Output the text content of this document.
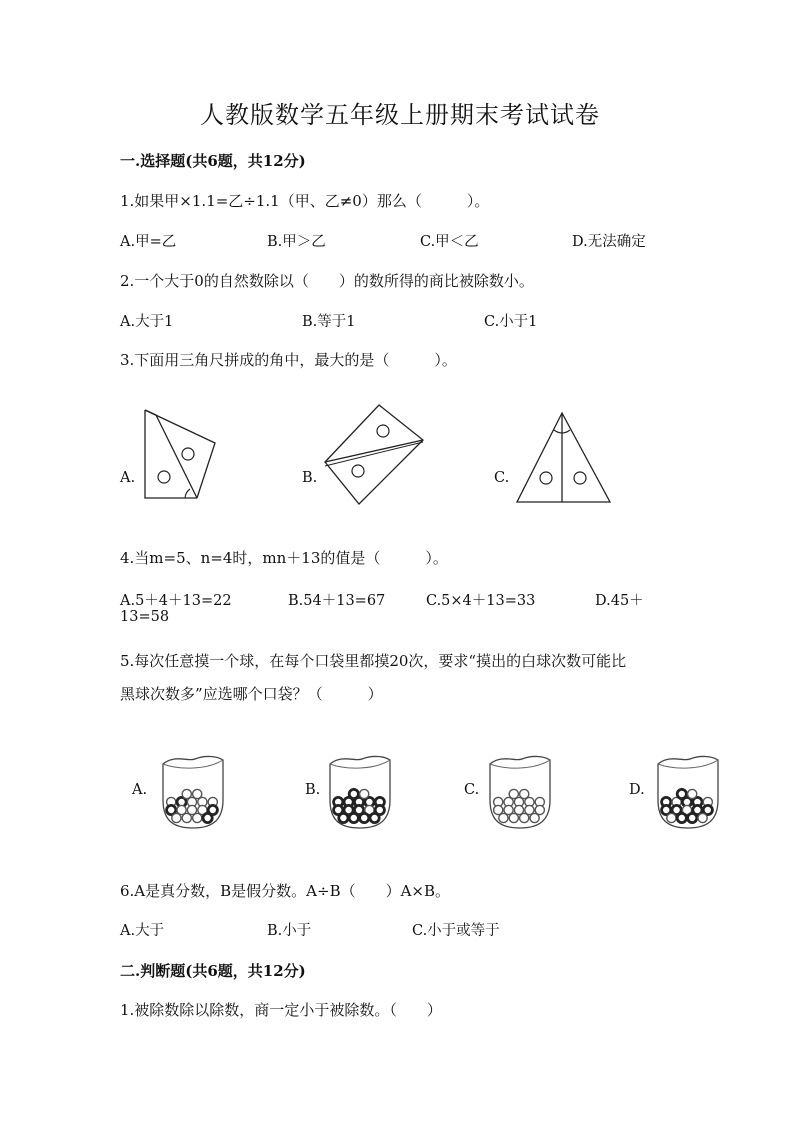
人教版数学五年级上册期末考试试卷
一.选择题(共6题，共12分)
1.如果甲×1.1=乙÷1.1（甲、乙≠0）那么（　　　）。
A.甲=乙	B.甲＞乙	C.甲＜乙	D.无法确定
2.一个大于0的自然数除以（　　）的数所得的商比被除数小。
A.大于1	B.等于1	C.小于1
3.下面用三角尺拼成的角中，最大的是（　　　）。
A.	B.	C.
4.当m=5、n=4时，mn＋13的值是（　　　）。
A.5＋4＋13=22	B.54＋13=67	C.5×4＋13=33	D.45＋
13=58
5.每次任意摸一个球，在每个口袋里都摸20次，要求“摸出的白球次数可能比
黑球次数多”应选哪个口袋？（　　　）
A.	B.	C.	D.
6.A是真分数，B是假分数。A÷B（　　）A×B。
A.大于	B.小于	C.小于或等于
二.判断题(共6题，共12分)
1.被除数除以除数，商一定小于被除数。（　　）
